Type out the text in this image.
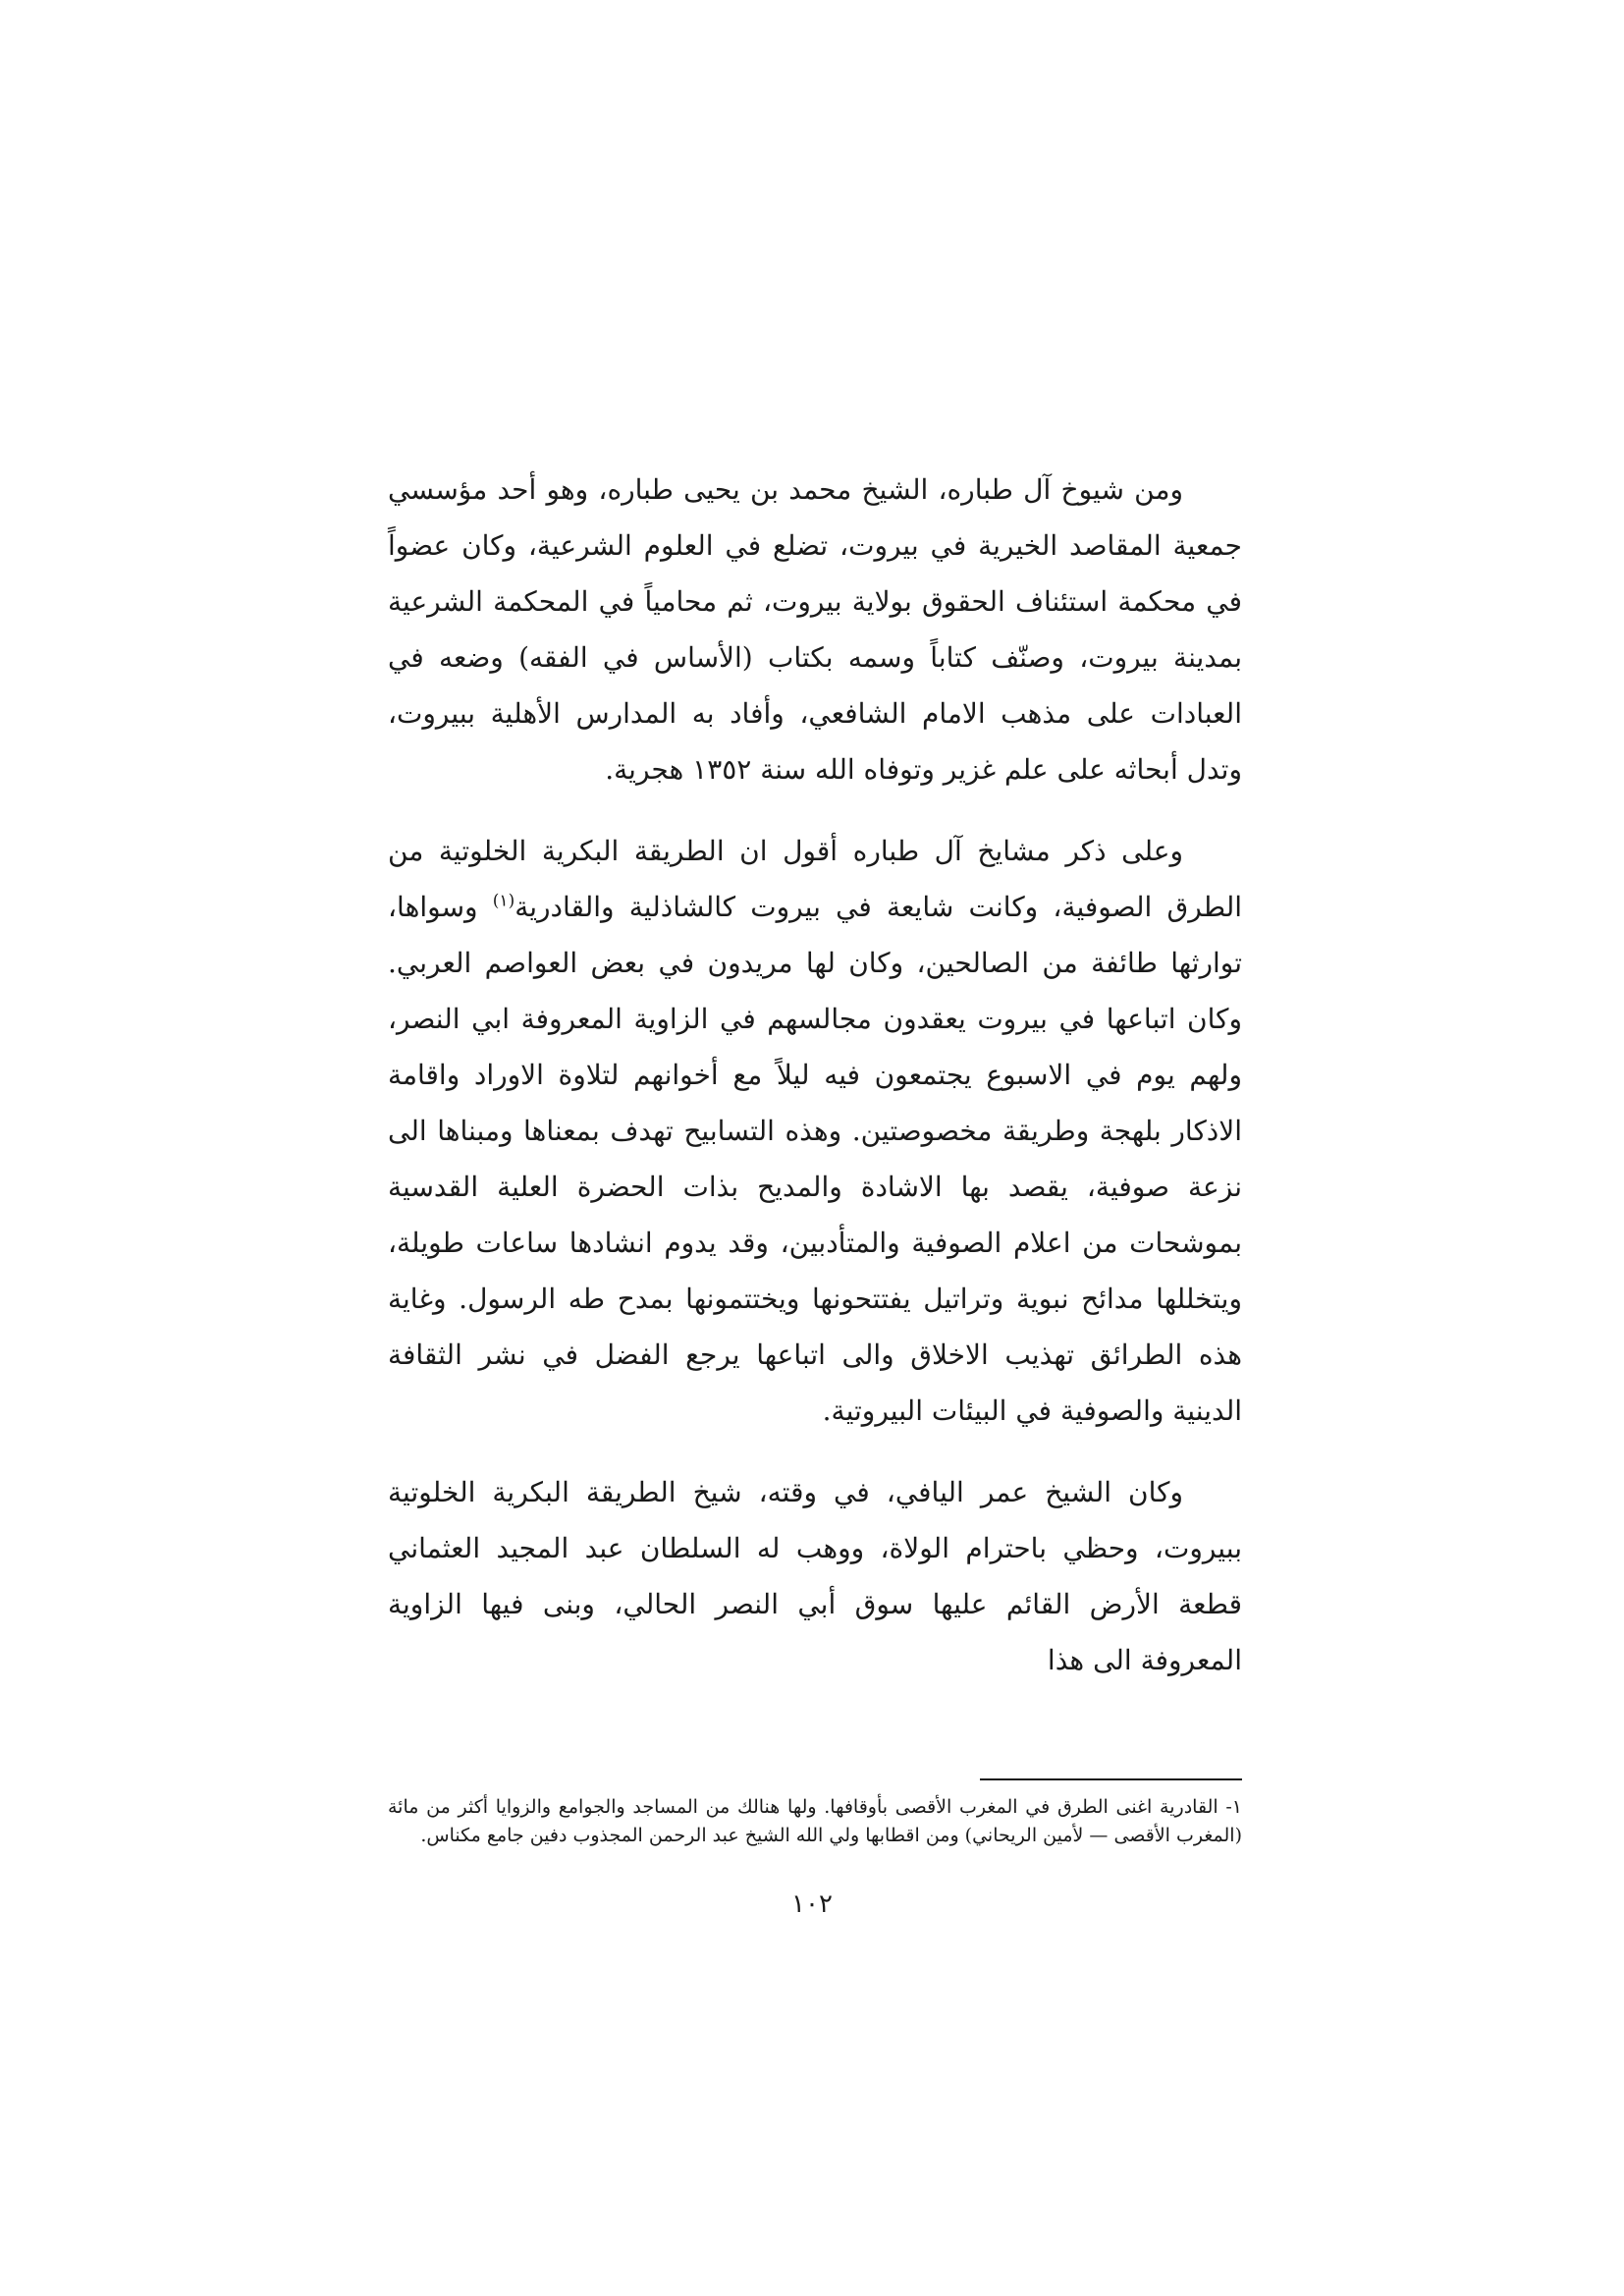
ومن شيوخ آل طباره، الشيخ محمد بن يحيى طباره، وهو أحد مؤسسي جمعية المقاصد الخيرية في بيروت، تضلع في العلوم الشرعية، وكان عضواً في محكمة استئناف الحقوق بولاية بيروت، ثم محامياً في المحكمة الشرعية بمدينة بيروت، وصنّف كتاباً وسمه بكتاب (الأساس في الفقه) وضعه في العبادات على مذهب الامام الشافعي، وأفاد به المدارس الأهلية ببيروت، وتدل أبحاثه على علم غزير وتوفاه الله سنة ١٣٥٢ هجرية.

وعلى ذكر مشايخ آل طباره أقول ان الطريقة البكرية الخلوتية من الطرق الصوفية، وكانت شايعة في بيروت كالشاذلية والقادرية$^{(١)}$ وسواها، توارثها طائفة من الصالحين، وكان لها مريدون في بعض العواصم العربي. وكان اتباعها في بيروت يعقدون مجالسهم في الزاوية المعروفة ابي النصر، ولهم يوم في الاسبوع يجتمعون فيه ليلاً مع أخوانهم لتلاوة الاوراد واقامة الاذكار بلهجة وطريقة مخصوصتين. وهذه التسابيح تهدف بمعناها ومبناها الى نزعة صوفية، يقصد بها الاشادة والمديح بذات الحضرة العلية القدسية بموشحات من اعلام الصوفية والمتأدبين، وقد يدوم انشادها ساعات طويلة، ويتخللها مدائح نبوية وتراتيل يفتتحونها ويختتمونها بمدح طه الرسول. وغاية هذه الطرائق تهذيب الاخلاق والى اتباعها يرجع الفضل في نشر الثقافة الدينية والصوفية في البيئات البيروتية.

وكان الشيخ عمر اليافي، في وقته، شيخ الطريقة البكرية الخلوتية ببيروت، وحظي باحترام الولاة، ووهب له السلطان عبد المجيد العثماني قطعة الأرض القائم عليها سوق أبي النصر الحالي، وبنى فيها الزاوية المعروفة الى هذا

١- القادرية اغنى الطرق في المغرب الأقصى بأوقافها. ولها هنالك من المساجد والجوامع والزوايا أكثر من مائة (المغرب الأقصى — لأمين الريحاني) ومن اقطابها ولي الله الشيخ عبد الرحمن المجذوب دفين جامع مكناس.

١٠٢
